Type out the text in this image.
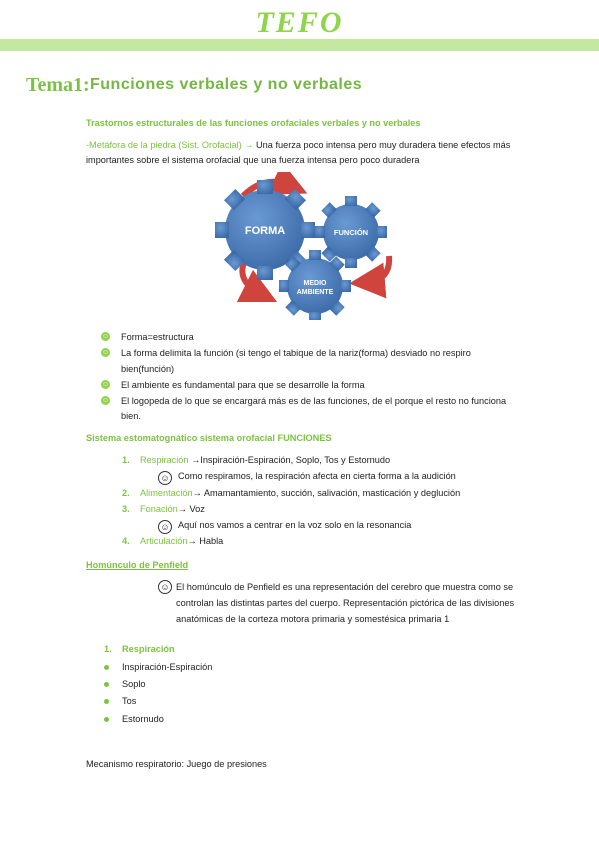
TEFO
Tema1: Funciones verbales y no verbales
Trastornos estructurales de las funciones orofaciales verbales y no verbales
-Metáfora de la piedra (Sist. Orofacial) → Una fuerza poco intensa pero muy duradera tiene efectos más importantes sobre el sistema orofacial que una fuerza intensa pero poco duradera
FORMA	FUNCIÓN
MEDIO
AMBIENTE
☺ Forma=estructura
☺ La forma delimita la función (si tengo el tabique de la nariz(forma) desviado no respiro bien(función)
☺ El ambiente es fundamental para que se desarrolle la forma
☺ El logopeda de lo que se encargará más es de las funciones, de el porque el resto no funciona bien.
Sistema estomatognático sistema orofacial FUNCIONES
1. Respiración →Inspiración-Espiración, Soplo, Tos y Estornudo
☺ Como respiramos, la respiración afecta en cierta forma a la audición
2. Alimentación→ Amamantamiento, succión, salivación, masticación y deglución
3. Fonación→ Voz
☺ Aquí nos vamos a centrar en la voz solo en la resonancia
4. Articulación→ Habla
Homúnculo de Penfield
☺ El homúnculo de Penfield es una representación del cerebro que muestra como se controlan las distintas partes del cuerpo. Representación pictórica de las divisiones anatómicas de la corteza motora primaria y somestésica primaria 1
1. Respiración
Inspiración-Espiración
Soplo
Tos
Estornudo
Mecanismo respiratorio: Juego de presiones
